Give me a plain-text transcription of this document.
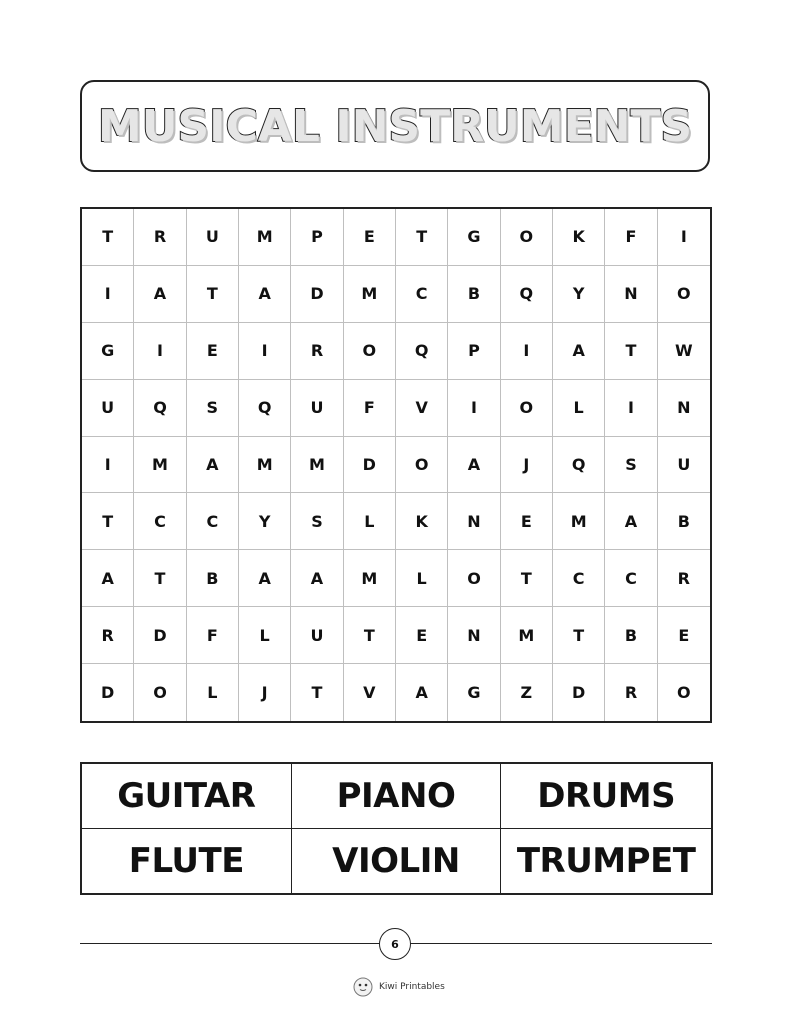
MUSICAL INSTRUMENTS
T	R	U	M	P	E	T	G	O	K	F	I
I	A	T	A	D	M	C	B	Q	Y	N	O
G	I	E	I	R	O	Q	P	I	A	T	W
U	Q	S	Q	U	F	V	I	O	L	I	N
I	M	A	M	M	D	O	A	J	Q	S	U
T	C	C	Y	S	L	K	N	E	M	A	B
A	T	B	A	A	M	L	O	T	C	C	R
R	D	F	L	U	T	E	N	M	T	B	E
D	O	L	J	T	V	A	G	Z	D	R	O
GUITAR	PIANO	DRUMS
FLUTE	VIOLIN	TRUMPET
6
Kiwi Printables
